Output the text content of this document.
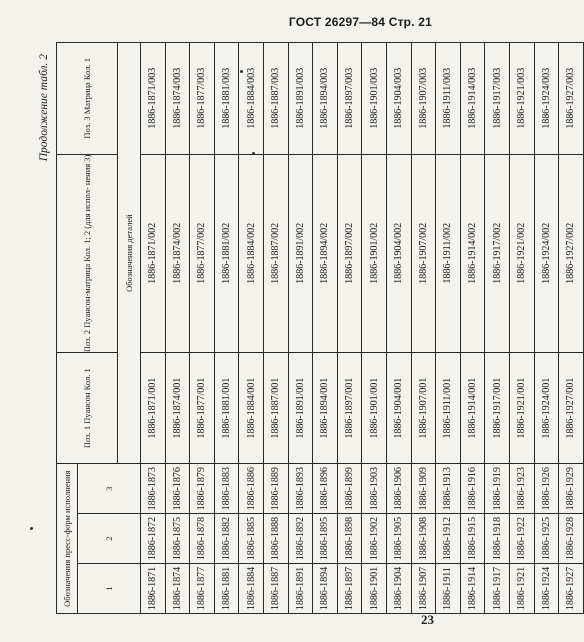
ГОСТ 26297—84 Стр. 21
Продолжение табл. 2
Обозначения пресс-форм исполнения			Поз. 1 Пуансон Кол. 1	Поз. 2 Пуансон-матрица Кол. 1; 2 (для испол- нения 3)	Поз. 3 Матрица Кол. 1
1	2	3			
			Обозначения деталей		
1886-1871	1886-1872	1886-1873	1886-1871/001	1886-1871/002	1886-1871/003
1886-1874	1886-1875	1886-1876	1886-1874/001	1886-1874/002	1886-1874/003
1886-1877	1886-1878	1886-1879	1886-1877/001	1886-1877/002	1886-1877/003
1886-1881	1886-1882	1886-1883	1886-1881/001	1886-1881/002	1886-1881/003
1886-1884	1886-1885	1886-1886	1886-1884/001	1886-1884/002	1886-1884/003
1886-1887	1886-1888	1886-1889	1886-1887/001	1886-1887/002	1886-1887/003
1886-1891	1886-1892	1886-1893	1886-1891/001	1886-1891/002	1886-1891/003
1886-1894	1886-1895	1886-1896	1886-1894/001	1886-1894/002	1886-1894/003
1886-1897	1886-1898	1886-1899	1886-1897/001	1886-1897/002	1886-1897/003
1886-1901	1886-1902	1886-1903	1886-1901/001	1886-1901/002	1886-1901/003
1886-1904	1886-1905	1886-1906	1886-1904/001	1886-1904/002	1886-1904/003
1886-1907	1886-1908	1886-1909	1886-1907/001	1886-1907/002	1886-1907/003
1886-1911	1886-1912	1886-1913	1886-1911/001	1886-1911/002	1886-1911/003
1886-1914	1886-1915	1886-1916	1886-1914/001	1886-1914/002	1886-1914/003
1886-1917	1886-1918	1886-1919	1886-1917/001	1886-1917/002	1886-1917/003
1886-1921	1886-1922	1886-1923	1886-1921/001	1886-1921/002	1886-1921/003
1886-1924	1886-1925	1886-1926	1886-1924/001	1886-1924/002	1886-1924/003
1886-1927	1886-1928	1886-1929	1886-1927/001	1886-1927/002	1886-1927/003
23
